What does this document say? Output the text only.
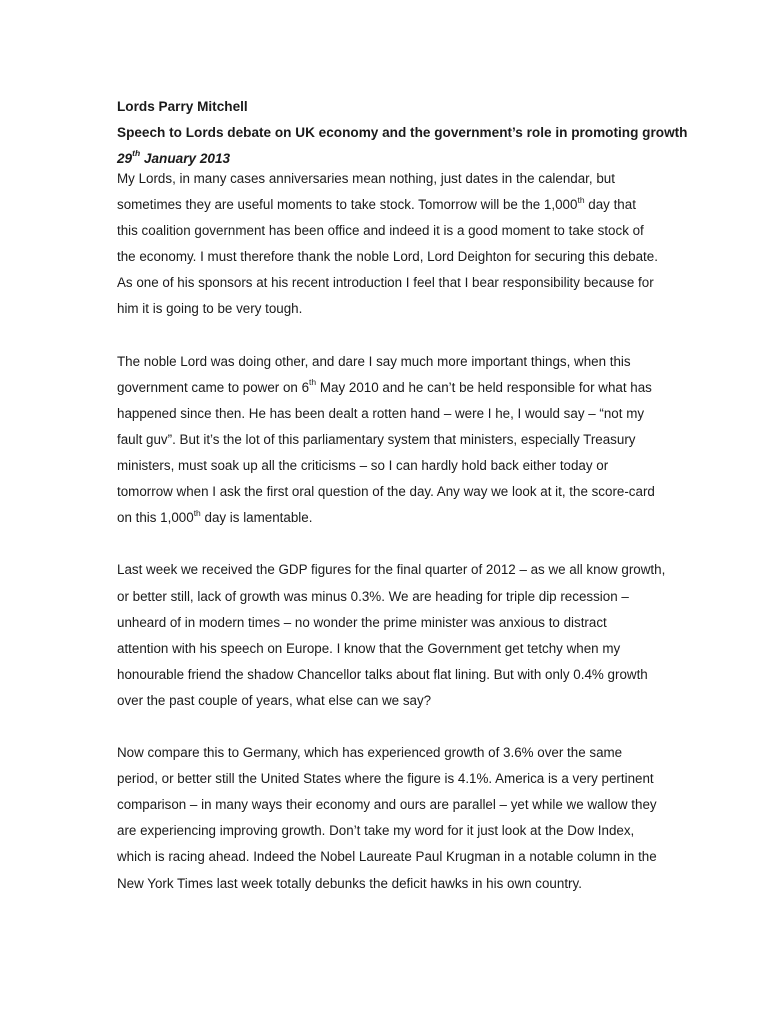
Lords Parry Mitchell
Speech to Lords debate on UK economy and the government’s role in promoting growth
29th January 2013
My Lords, in many cases anniversaries mean nothing, just dates in the calendar, but
sometimes they are useful moments to take stock. Tomorrow will be the 1,000th day that
this coalition government has been office and indeed it is a good moment to take stock of
the economy. I must therefore thank the noble Lord, Lord Deighton for securing this debate.
As one of his sponsors at his recent introduction I feel that I bear responsibility because for
him it is going to be very tough.
The noble Lord was doing other, and dare I say much more important things, when this
government came to power on 6th May 2010 and he can’t be held responsible for what has
happened since then. He has been dealt a rotten hand – were I he, I would say – “not my
fault guv”. But it’s the lot of this parliamentary system that ministers, especially Treasury
ministers, must soak up all the criticisms – so I can hardly hold back either today or
tomorrow when I ask the first oral question of the day. Any way we look at it, the score-card
on this 1,000th day is lamentable.
Last week we received the GDP figures for the final quarter of 2012 – as we all know growth,
or better still, lack of growth was minus 0.3%. We are heading for triple dip recession –
unheard of in modern times – no wonder the prime minister was anxious to distract
attention with his speech on Europe. I know that the Government get tetchy when my
honourable friend the shadow Chancellor talks about flat lining. But with only 0.4% growth
over the past couple of years, what else can we say?
Now compare this to Germany, which has experienced growth of 3.6% over the same
period, or better still the United States where the figure is 4.1%. America is a very pertinent
comparison – in many ways their economy and ours are parallel – yet while we wallow they
are experiencing improving growth. Don’t take my word for it just look at the Dow Index,
which is racing ahead. Indeed the Nobel Laureate Paul Krugman in a notable column in the
New York Times last week totally debunks the deficit hawks in his own country.
